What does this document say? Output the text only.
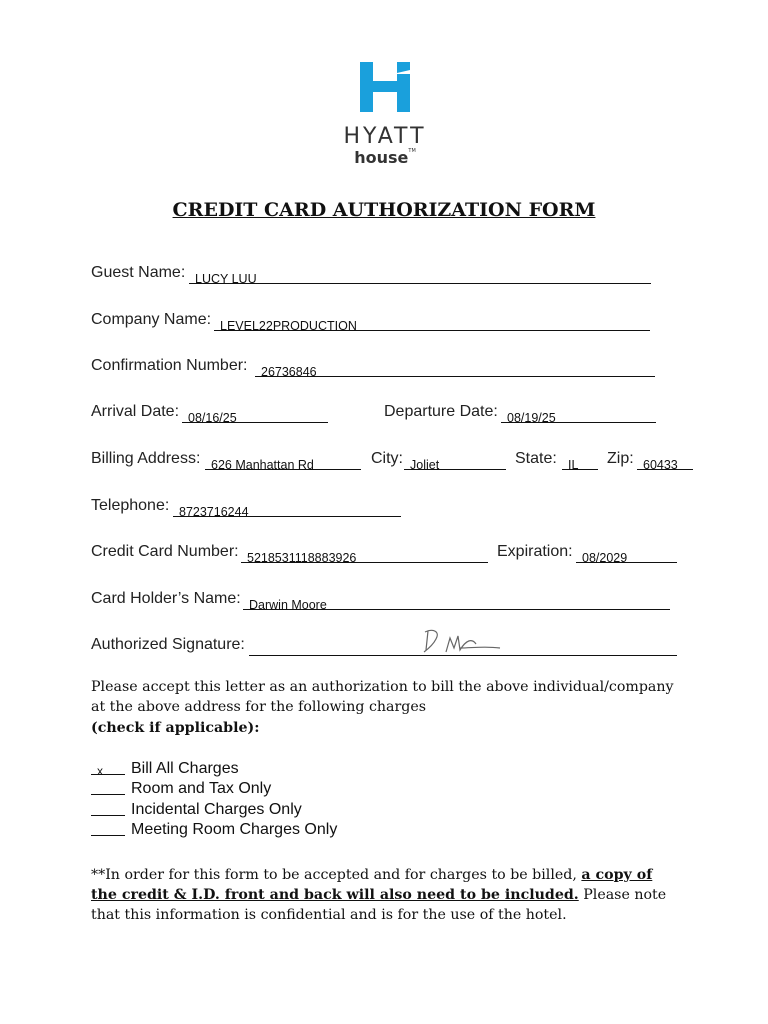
HYATT
house™
CREDIT CARD AUTHORIZATION FORM
Guest Name: LUCY LUU
Company Name: LEVEL22PRODUCTION
Confirmation Number: 26736846
Arrival Date: 08/16/25	Departure Date: 08/19/25
Billing Address: 626 Manhattan Rd	City: Joliet	State: IL Zip: 60433
Telephone: 8723716244
Credit Card Number: 5218531118883926	Expiration: 08/2029
Card Holder’s Name: Darwin Moore
Authorized Signature:
Please accept this letter as an authorization to bill the above individual/company at the above address for the following charges
(check if applicable):
x Bill All Charges
Room and Tax Only
Incidental Charges Only
Meeting Room Charges Only
**In order for this form to be accepted and for charges to be billed, a copy of the credit & I.D. front and back will also need to be included. Please note that this information is confidential and is for the use of the hotel.
